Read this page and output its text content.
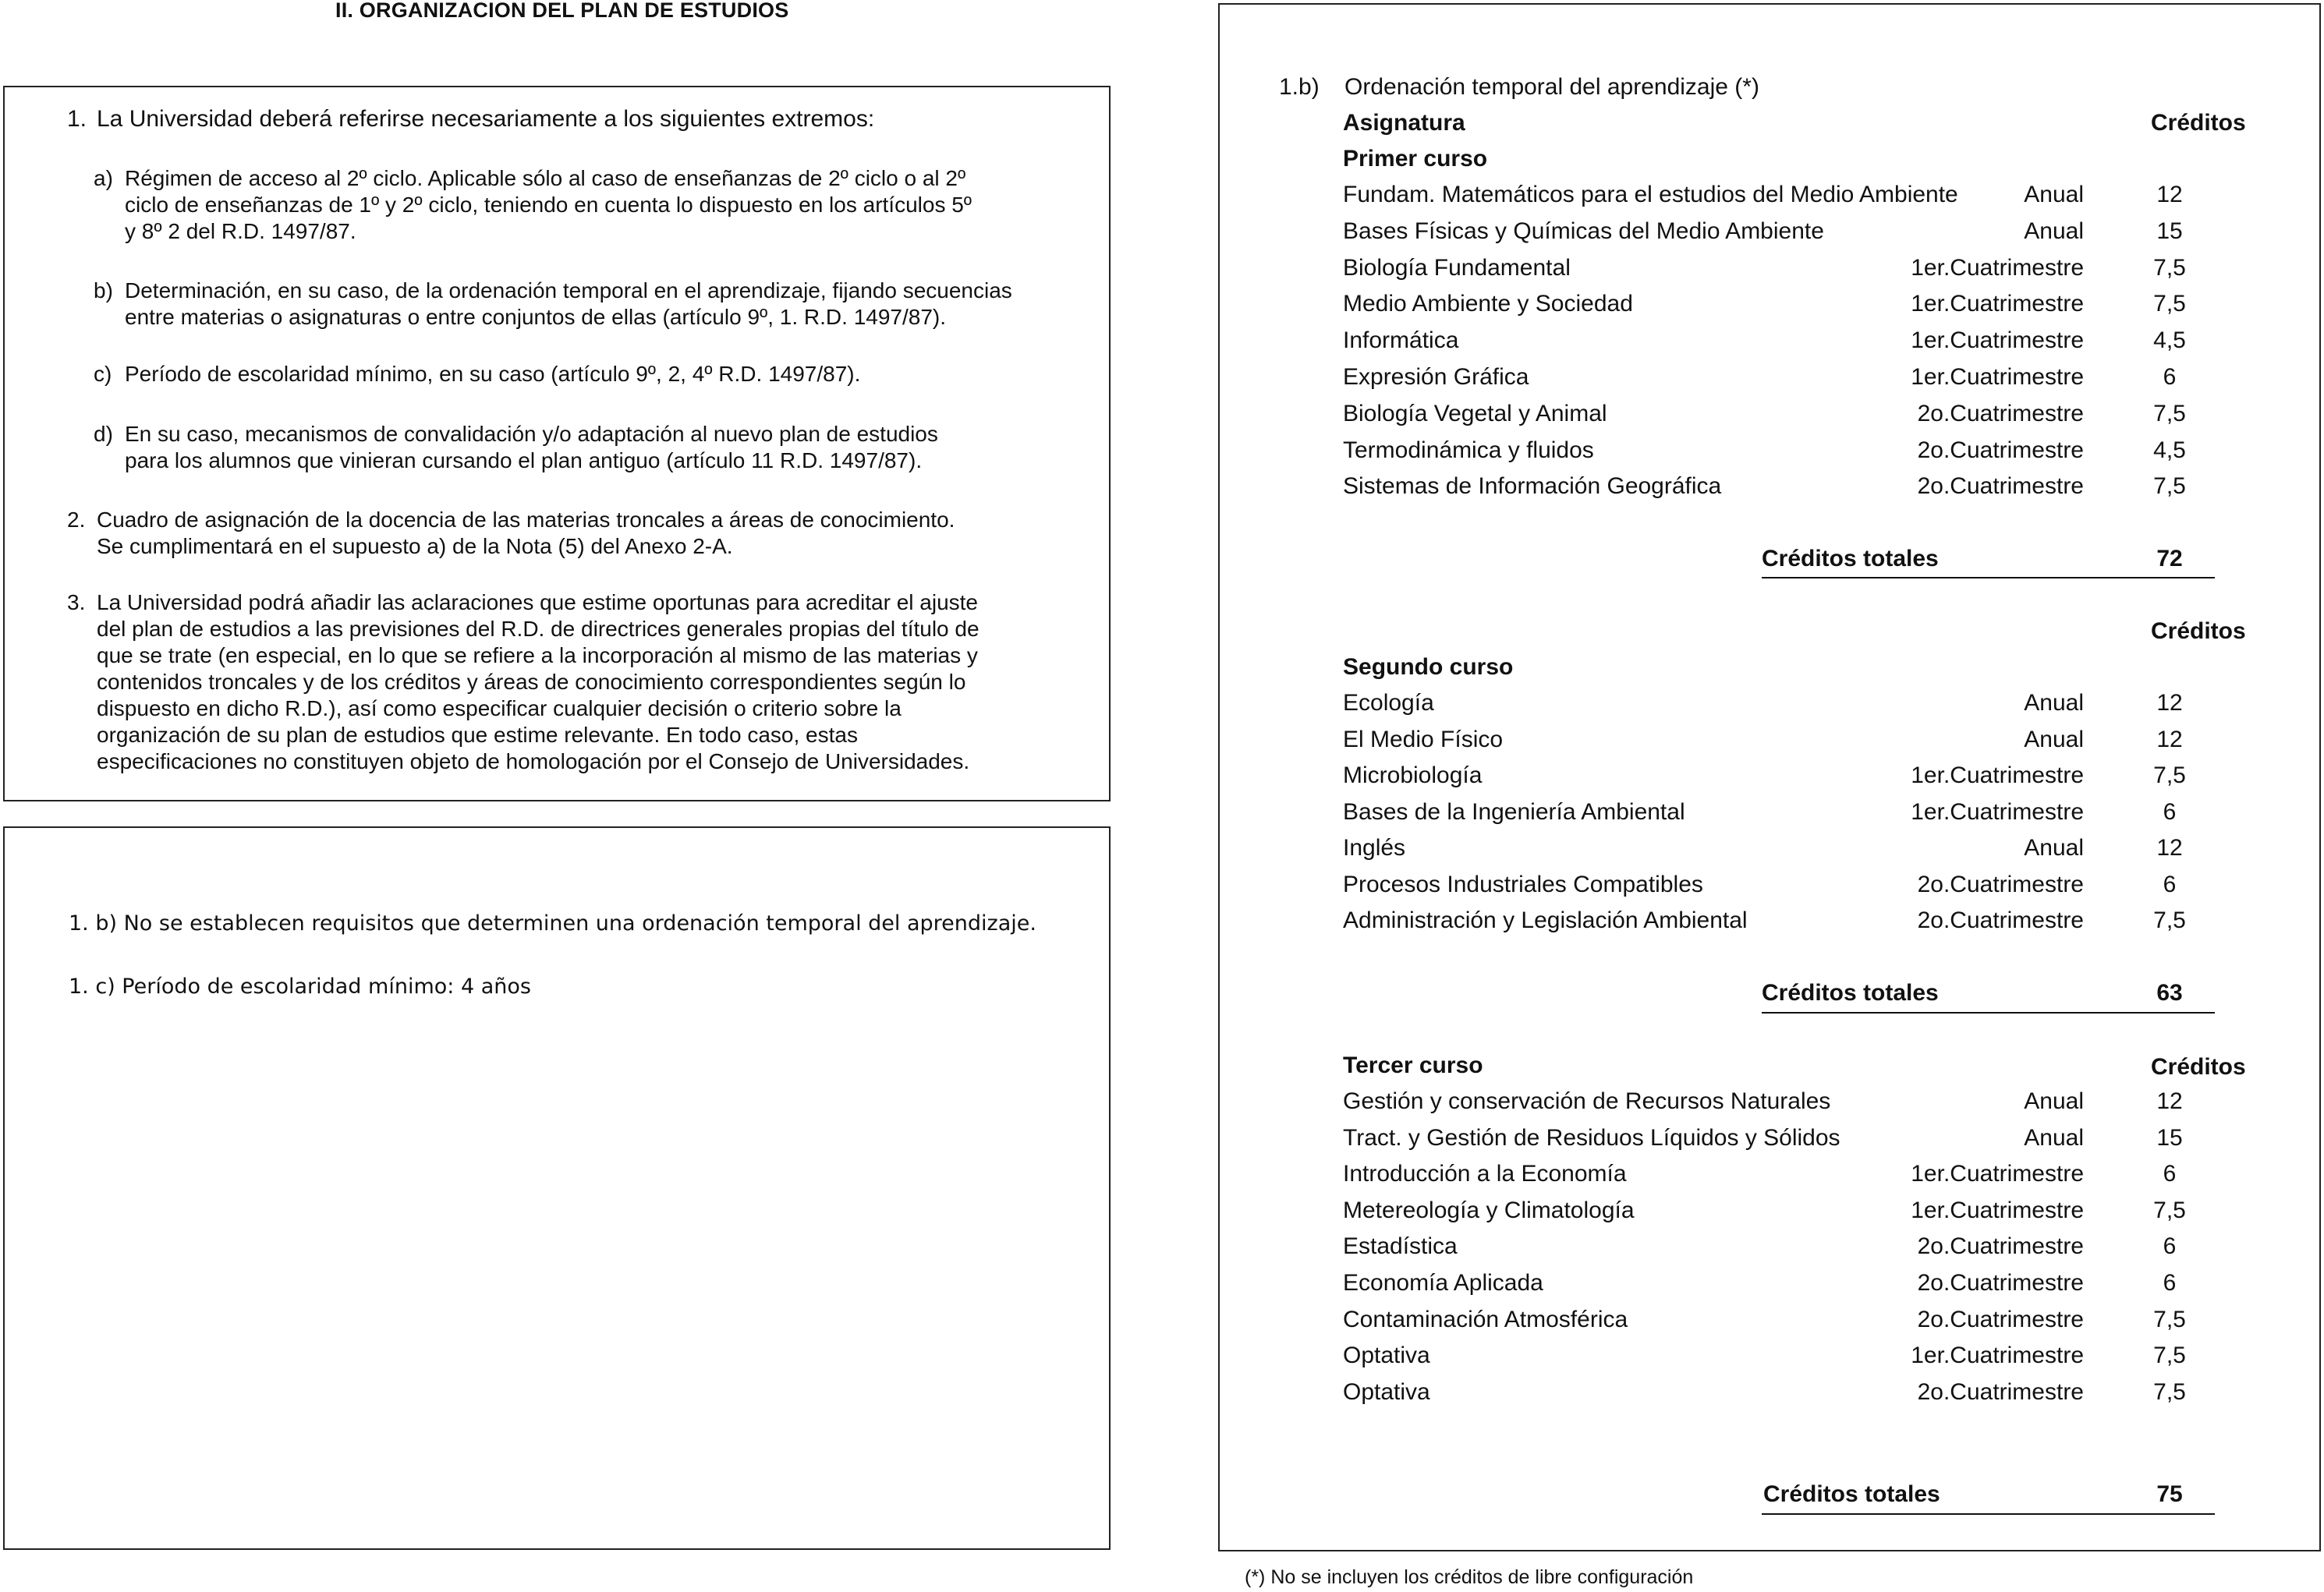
II. ORGANIZACION DEL PLAN DE ESTUDIOS
1. La Universidad deberá referirse necesariamente a los siguientes extremos:
a) Régimen de acceso al 2º ciclo. Aplicable sólo al caso de enseñanzas de 2º ciclo o al 2º
ciclo de enseñanzas de 1º y 2º ciclo, teniendo en cuenta lo dispuesto en los artículos 5º
y 8º 2 del R.D. 1497/87.
b) Determinación, en su caso, de la ordenación temporal en el aprendizaje, fijando secuencias
entre materias o asignaturas o entre conjuntos de ellas (artículo 9º, 1. R.D. 1497/87).
c) Período de escolaridad mínimo, en su caso (artículo 9º, 2, 4º R.D. 1497/87).
d) En su caso, mecanismos de convalidación y/o adaptación al nuevo plan de estudios
para los alumnos que vinieran cursando el plan antiguo (artículo 11 R.D. 1497/87).
2. Cuadro de asignación de la docencia de las materias troncales a áreas de conocimiento.
Se cumplimentará en el supuesto a) de la Nota (5) del Anexo 2-A.
3. La Universidad podrá añadir las aclaraciones que estime oportunas para acreditar el ajuste
del plan de estudios a las previsiones del R.D. de directrices generales propias del título de
que se trate (en especial, en lo que se refiere a la incorporación al mismo de las materias y
contenidos troncales y de los créditos y áreas de conocimiento correspondientes según lo
dispuesto en dicho R.D.), así como especificar cualquier decisión o criterio sobre la
organización de su plan de estudios que estime relevante. En todo caso, estas
especificaciones no constituyen objeto de homologación por el Consejo de Universidades.
1. b) No se establecen requisitos que determinen una ordenación temporal del aprendizaje.
1. c) Período de escolaridad mínimo: 4 años
1.b) Ordenación temporal del aprendizaje (*)
Asignatura	Créditos
Primer curso
Fundam. Matemáticos para el estudios del Medio Ambiente	Anual	12
Bases Físicas y Químicas del Medio Ambiente	Anual	15
Biología Fundamental	1er.Cuatrimestre	7,5
Medio Ambiente y Sociedad	1er.Cuatrimestre	7,5
Informática	1er.Cuatrimestre	4,5
Expresión Gráfica	1er.Cuatrimestre	6
Biología Vegetal y Animal	2o.Cuatrimestre	7,5
Termodinámica y fluidos	2o.Cuatrimestre	4,5
Sistemas de Información Geográfica	2o.Cuatrimestre	7,5
Créditos totales	72
Créditos
Segundo curso
Ecología	Anual	12
El Medio Físico	Anual	12
Microbiología	1er.Cuatrimestre	7,5
Bases de la Ingeniería Ambiental	1er.Cuatrimestre	6
Inglés	Anual	12
Procesos Industriales Compatibles	2o.Cuatrimestre	6
Administración y Legislación Ambiental	2o.Cuatrimestre	7,5
Créditos totales	63
Tercer curso	Créditos
Gestión y conservación de Recursos Naturales	Anual	12
Tract. y Gestión de Residuos Líquidos y Sólidos	Anual	15
Introducción a la Economía	1er.Cuatrimestre	6
Metereología y Climatología	1er.Cuatrimestre	7,5
Estadística	2o.Cuatrimestre	6
Economía Aplicada	2o.Cuatrimestre	6
Contaminación Atmosférica	2o.Cuatrimestre	7,5
Optativa	1er.Cuatrimestre	7,5
Optativa	2o.Cuatrimestre	7,5
Créditos totales	75
(*) No se incluyen los créditos de libre configuración
